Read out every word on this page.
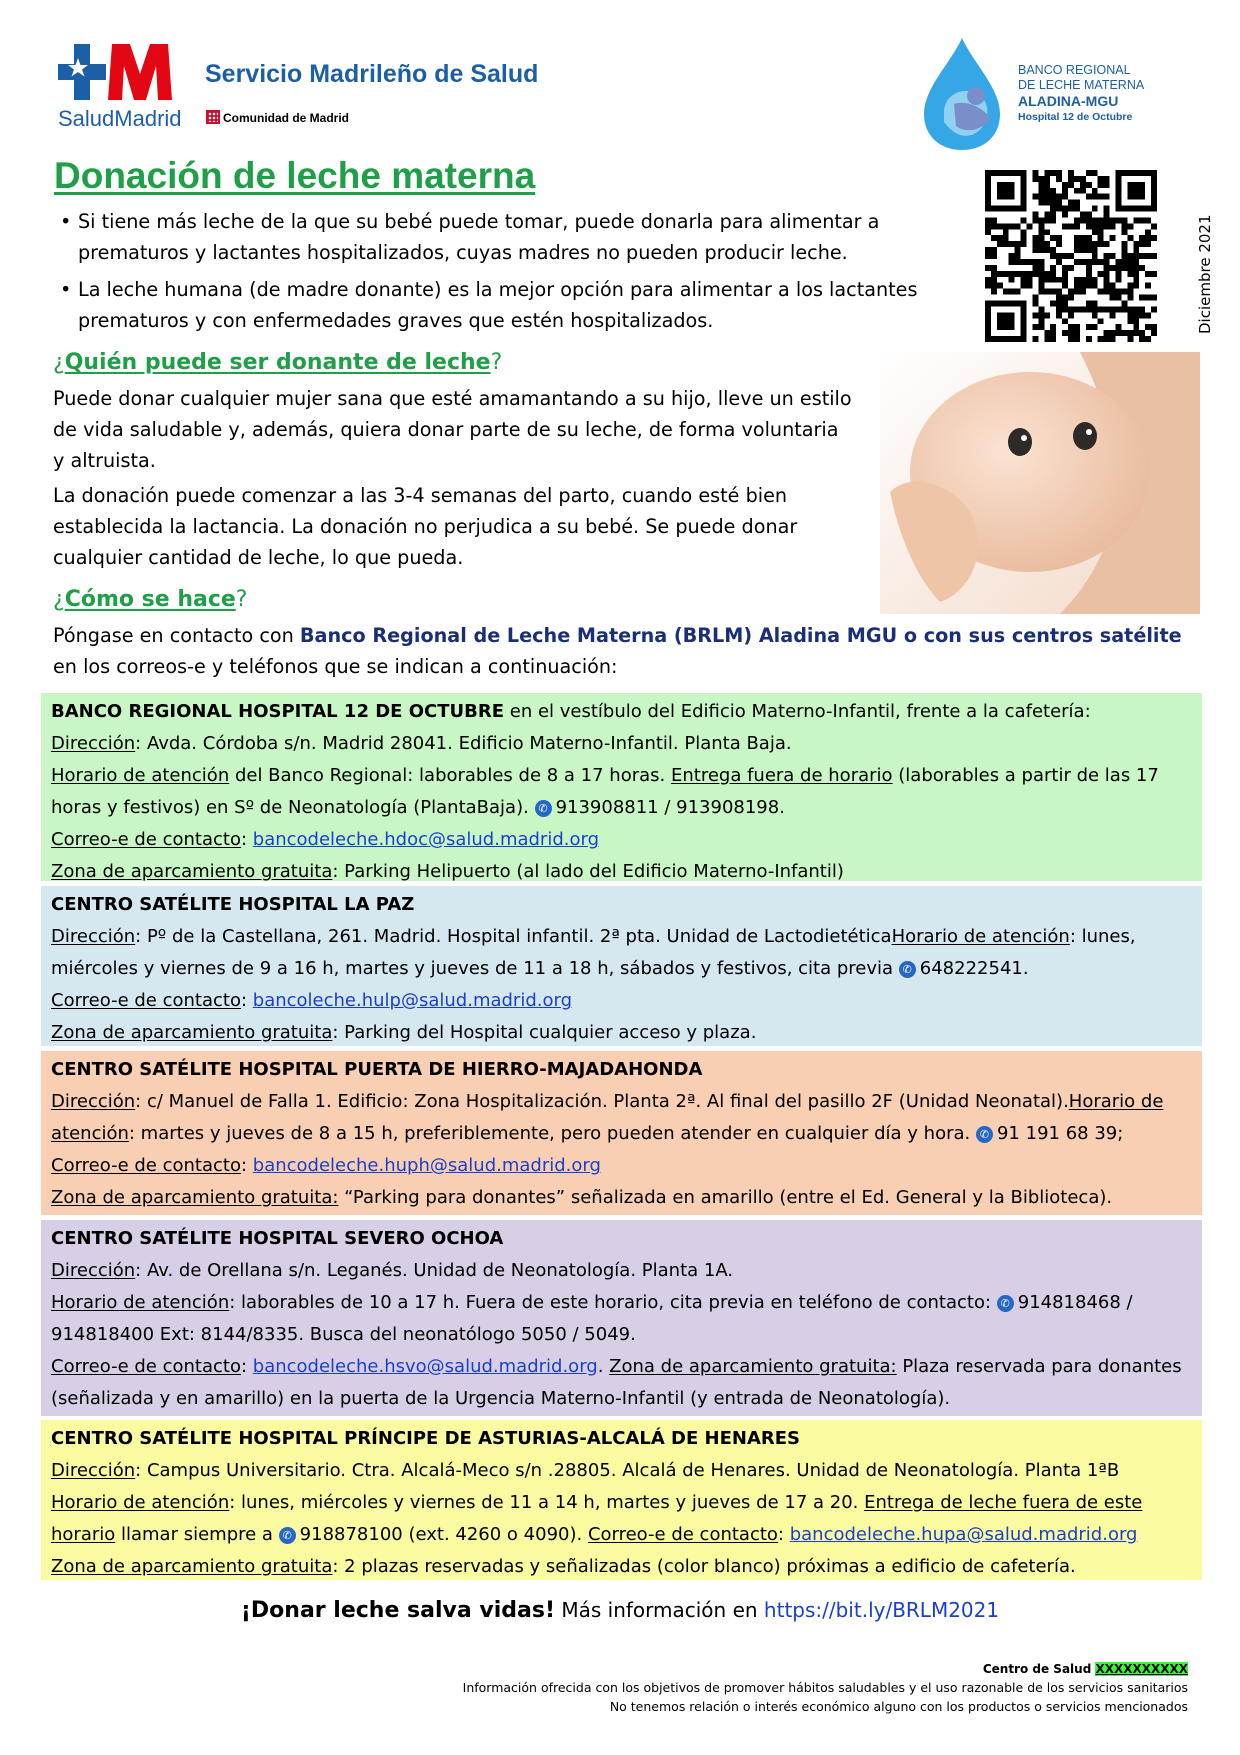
SaludMadrid
Servicio Madrileño de Salud
Comunidad de Madrid
BANCO REGIONAL
DE LECHE MATERNA
ALADINA-MGU
Hospital 12 de Octubre
Donación de leche materna
• Si tiene más leche de la que su bebé puede tomar, puede donarla para alimentar a prematuros y lactantes hospitalizados, cuyas madres no pueden producir leche.
• La leche humana (de madre donante) es la mejor opción para alimentar a los lactantes prematuros y con enfermedades graves que estén hospitalizados.	Diciembre 2021
¿Quién puede ser donante de leche?

Puede donar cualquier mujer sana que esté amamantando a su hijo, lleve un estilo de vida saludable y, además, quiera donar parte de su leche, de forma voluntaria y altruista.

La donación puede comenzar a las 3-4 semanas del parto, cuando esté bien establecida la lactancia. La donación no perjudica a su bebé. Se puede donar cualquier cantidad de leche, lo que pueda.

¿Cómo se hace?
Póngase en contacto con Banco Regional de Leche Materna (BRLM) Aladina MGU o con sus centros satélite en los correos-e y teléfonos que se indican a continuación:

BANCO REGIONAL HOSPITAL 12 DE OCTUBRE en el vestíbulo del Edificio Materno-Infantil, frente a la cafetería:

Dirección: Avda. Córdoba s/n. Madrid 28041. Edificio Materno-Infantil. Planta Baja.

Horario de atención del Banco Regional: laborables de 8 a 17 horas. Entrega fuera de horario (laborables a partir de las 17 horas y festivos) en Sº de Neonatología (PlantaBaja). ✆ 913908811 / 913908198.

Correo-e de contacto: bancodeleche.hdoc@salud.madrid.org

Zona de aparcamiento gratuita: Parking Helipuerto (al lado del Edificio Materno-Infantil)

CENTRO SATÉLITE HOSPITAL LA PAZ

Dirección: Pº de la Castellana, 261. Madrid. Hospital infantil. 2ª pta. Unidad de LactodietéticaHorario de atención: lunes, miércoles y viernes de 9 a 16 h, martes y jueves de 11 a 18 h, sábados y festivos, cita previa ✆ 648222541.

Correo-e de contacto: bancoleche.hulp@salud.madrid.org

Zona de aparcamiento gratuita: Parking del Hospital cualquier acceso y plaza.

CENTRO SATÉLITE HOSPITAL PUERTA DE HIERRO-MAJADAHONDA

Dirección: c/ Manuel de Falla 1. Edificio: Zona Hospitalización. Planta 2ª. Al final del pasillo 2F (Unidad Neonatal).Horario de atención: martes y jueves de 8 a 15 h, preferiblemente, pero pueden atender en cualquier día y hora. ✆ 91 191 68 39;

Correo-e de contacto: bancodeleche.huph@salud.madrid.org

Zona de aparcamiento gratuita: “Parking para donantes” señalizada en amarillo (entre el Ed. General y la Biblioteca).

CENTRO SATÉLITE HOSPITAL SEVERO OCHOA

Dirección: Av. de Orellana s/n. Leganés. Unidad de Neonatología. Planta 1A.

Horario de atención: laborables de 10 a 17 h. Fuera de este horario, cita previa en teléfono de contacto: ✆ 914818468 / 914818400 Ext: 8144/8335. Busca del neonatólogo 5050 / 5049.

Correo-e de contacto: bancodeleche.hsvo@salud.madrid.org. Zona de aparcamiento gratuita: Plaza reservada para donantes (señalizada y en amarillo) en la puerta de la Urgencia Materno-Infantil (y entrada de Neonatología).

CENTRO SATÉLITE HOSPITAL PRÍNCIPE DE ASTURIAS-ALCALÁ DE HENARES

Dirección: Campus Universitario. Ctra. Alcalá-Meco s/n .28805. Alcalá de Henares. Unidad de Neonatología. Planta 1ªB

Horario de atención: lunes, miércoles y viernes de 11 a 14 h, martes y jueves de 17 a 20. Entrega de leche fuera de este horario llamar siempre a ✆ 918878100 (ext. 4260 o 4090). Correo-e de contacto: bancodeleche.hupa@salud.madrid.org

Zona de aparcamiento gratuita: 2 plazas reservadas y señalizadas (color blanco) próximas a edificio de cafetería.

¡Donar leche salva vidas! Más información en https://bit.ly/BRLM2021
Centro de Salud XXXXXXXXXX
Información ofrecida con los objetivos de promover hábitos saludables y el uso razonable de los servicios sanitarios
No tenemos relación o interés económico alguno con los productos o servicios mencionados
